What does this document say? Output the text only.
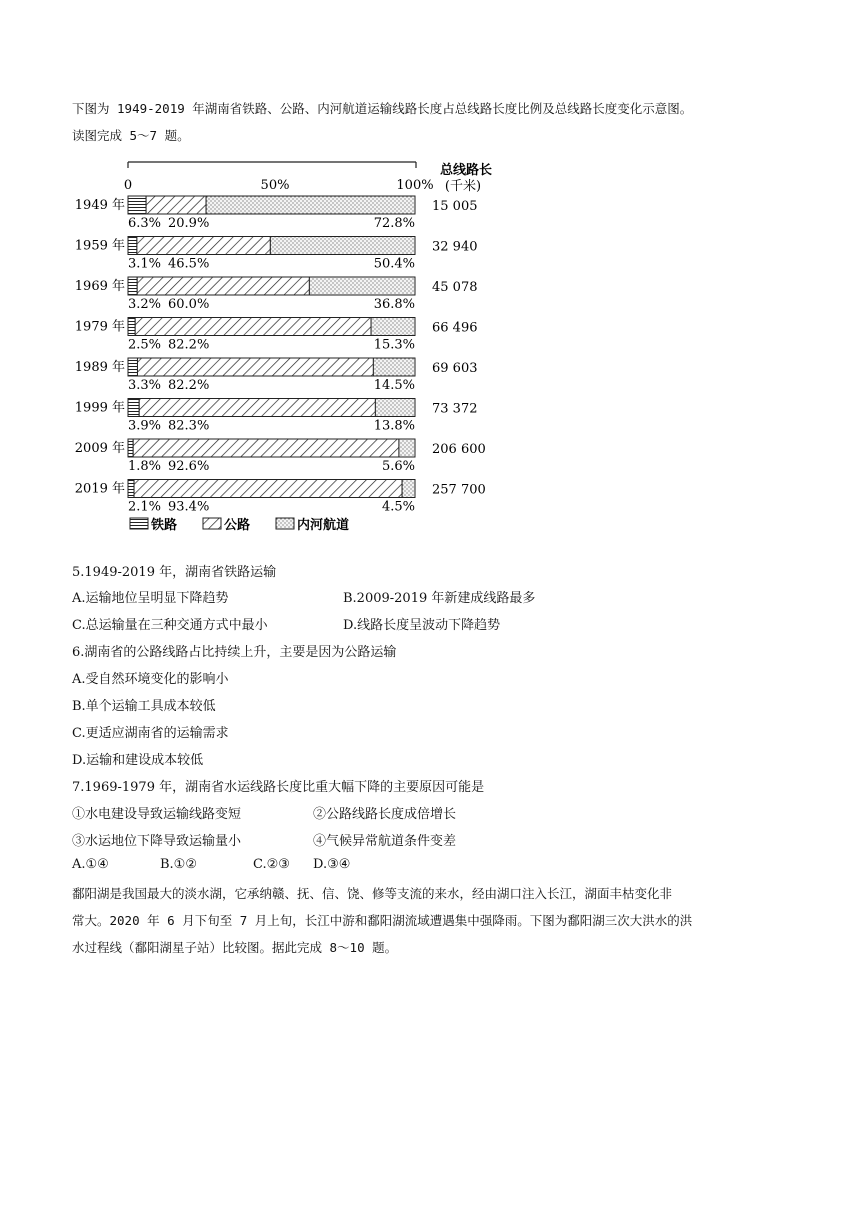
下图为 1949-2019 年湖南省铁路、公路、内河航道运输线路长度占总线路长度比例及总线路长度变化示意图。
读图完成 5～7 题。
0	50%	100%
总线路长
(千米)
1949 年
6.3% 20.9%	72.8%
15 005
1959 年
3.1% 46.5%	50.4%
32 940
1969 年
3.2% 60.0%	36.8%
45 078
1979 年
2.5% 82.2%	15.3%
66 496
1989 年
3.3% 82.2%	14.5%
69 603
1999 年
3.9% 82.3%	13.8%
73 372
2009 年
1.8% 92.6%	5.6%
206 600
2019 年
2.1% 93.4%	4.5%
257 700
铁路	公路	内河航道
5.1949-2019 年，湖南省铁路运输
A.运输地位呈明显下降趋势	B.2009-2019 年新建成线路最多
C.总运输量在三种交通方式中最小	D.线路长度呈波动下降趋势
6.湖南省的公路线路占比持续上升，主要是因为公路运输
A.受自然环境变化的影响小
B.单个运输工具成本较低
C.更适应湖南省的运输需求
D.运输和建设成本较低
7.1969-1979 年，湖南省水运线路长度比重大幅下降的主要原因可能是
①水电建设导致运输线路变短	②公路线路长度成倍增长
③水运地位下降导致运输量小	④气候异常航道条件变差
A.①④	B.①②	C.②③ D.③④
鄱阳湖是我国最大的淡水湖，它承纳赣、抚、信、饶、修等支流的来水，经由湖口注入长江，湖面丰枯变化非
常大。2020 年 6 月下旬至 7 月上旬，长江中游和鄱阳湖流域遭遇集中强降雨。下图为鄱阳湖三次大洪水的洪
水过程线（鄱阳湖星子站）比较图。据此完成 8～10 题。
